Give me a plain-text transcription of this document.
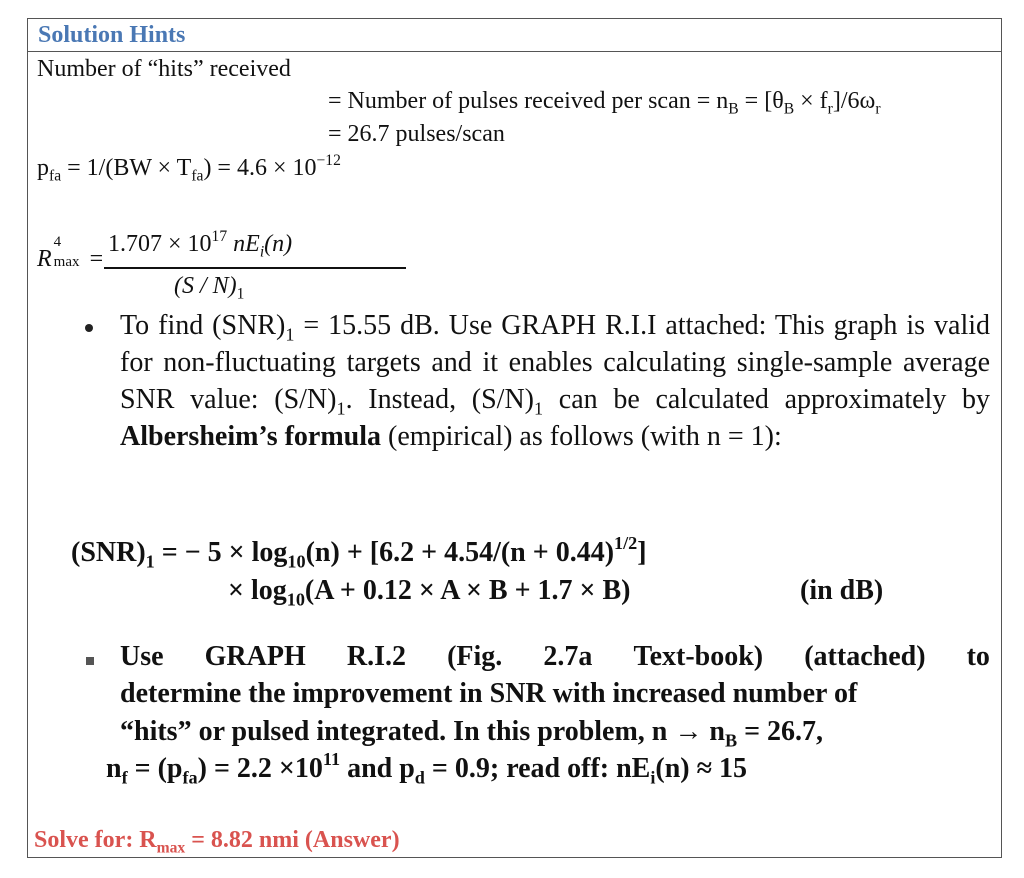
Solution Hints
Number of “hits” received
= Number of pulses received per scan = $n_B = [\theta_B \times f_r]/6\omega_r$
= 26.7 pulses/scan
$p_{fa} = 1/(BW \times T_{fa}) = 4.6 \times 10^{-12}$
R
4
max =
$1.707 \times 10^{17}$ $nE_i(n)$
$(S / N)_1$
To find $(SNR)_1 = 15.55$ dB. Use GRAPH R.I.I attached: This graph is valid for non-fluctuating targets and it enables calculating single-sample average SNR value: $(S/N)_1$. Instead, $(S/N)_1$ can be calculated approximately by Albersheim’s formula (empirical) as follows (with n = 1):
$(SNR)_1$ = − $5 \times \log_{10}(n) + [6.2 + 4.54/(n + 0.44)^{1/2}]$
× $\log_{10}(A + 0.12 \times A \times B + 1.7 \times B)$	(in dB)
Use GRAPH R.I.2 (Fig. 2.7a Text-book) (attached) to
determine the improvement in SNR with increased number of
“hits” or pulsed integrated. In this problem, $n \to n_B = 26.7$,
$n_f = (p_{fa}) = 2.2 \times 10^{11}$ and $p_d = 0.9$; read off: $nE_i(n) \approx 15$
Solve for: $R_{max} = 8.82$ nmi (Answer)
